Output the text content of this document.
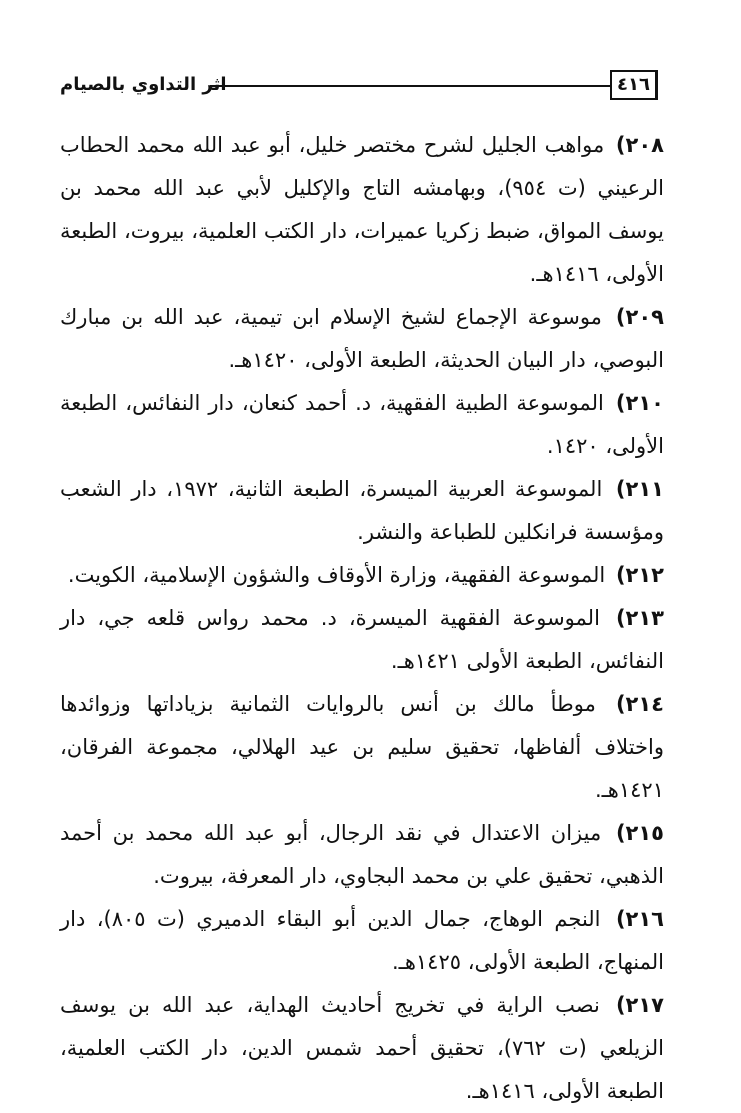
٤١٦
اثر التداوي بالصيام

٢٠٨) مواهب الجليل لشرح مختصر خليل، أبو عبد الله محمد الحطاب الرعيني (ت ٩٥٤)، وبهامشه التاج والإكليل لأبي عبد الله محمد بن يوسف المواق، ضبط زكريا عميرات، دار الكتب العلمية، بيروت، الطبعة الأولى، ١٤١٦هـ.

٢٠٩) موسوعة الإجماع لشيخ الإسلام ابن تيمية، عبد الله بن مبارك البوصي، دار البيان الحديثة، الطبعة الأولى، ١٤٢٠هـ.

٢١٠) الموسوعة الطبية الفقهية، د. أحمد كنعان، دار النفائس، الطبعة الأولى، ١٤٢٠.

٢١١) الموسوعة العربية الميسرة، الطبعة الثانية، ١٩٧٢، دار الشعب ومؤسسة فرانكلين للطباعة والنشر.

٢١٢) الموسوعة الفقهية، وزارة الأوقاف والشؤون الإسلامية، الكويت.

٢١٣) الموسوعة الفقهية الميسرة، د. محمد رواس قلعه جي، دار النفائس، الطبعة الأولى ١٤٢١هـ.

٢١٤) موطأ مالك بن أنس بالروايات الثمانية بزياداتها وزوائدها واختلاف ألفاظها، تحقيق سليم بن عيد الهلالي، مجموعة الفرقان، ١٤٢١هـ.

٢١٥) ميزان الاعتدال في نقد الرجال، أبو عبد الله محمد بن أحمد الذهبي، تحقيق علي بن محمد البجاوي، دار المعرفة، بيروت.

٢١٦) النجم الوهاج، جمال الدين أبو البقاء الدميري (ت ٨٠٥)، دار المنهاج، الطبعة الأولى، ١٤٢٥هـ.

٢١٧) نصب الراية في تخريج أحاديث الهداية، عبد الله بن يوسف الزيلعي (ت ٧٦٢)، تحقيق أحمد شمس الدين، دار الكتب العلمية، الطبعة الأولى، ١٤١٦هـ.
